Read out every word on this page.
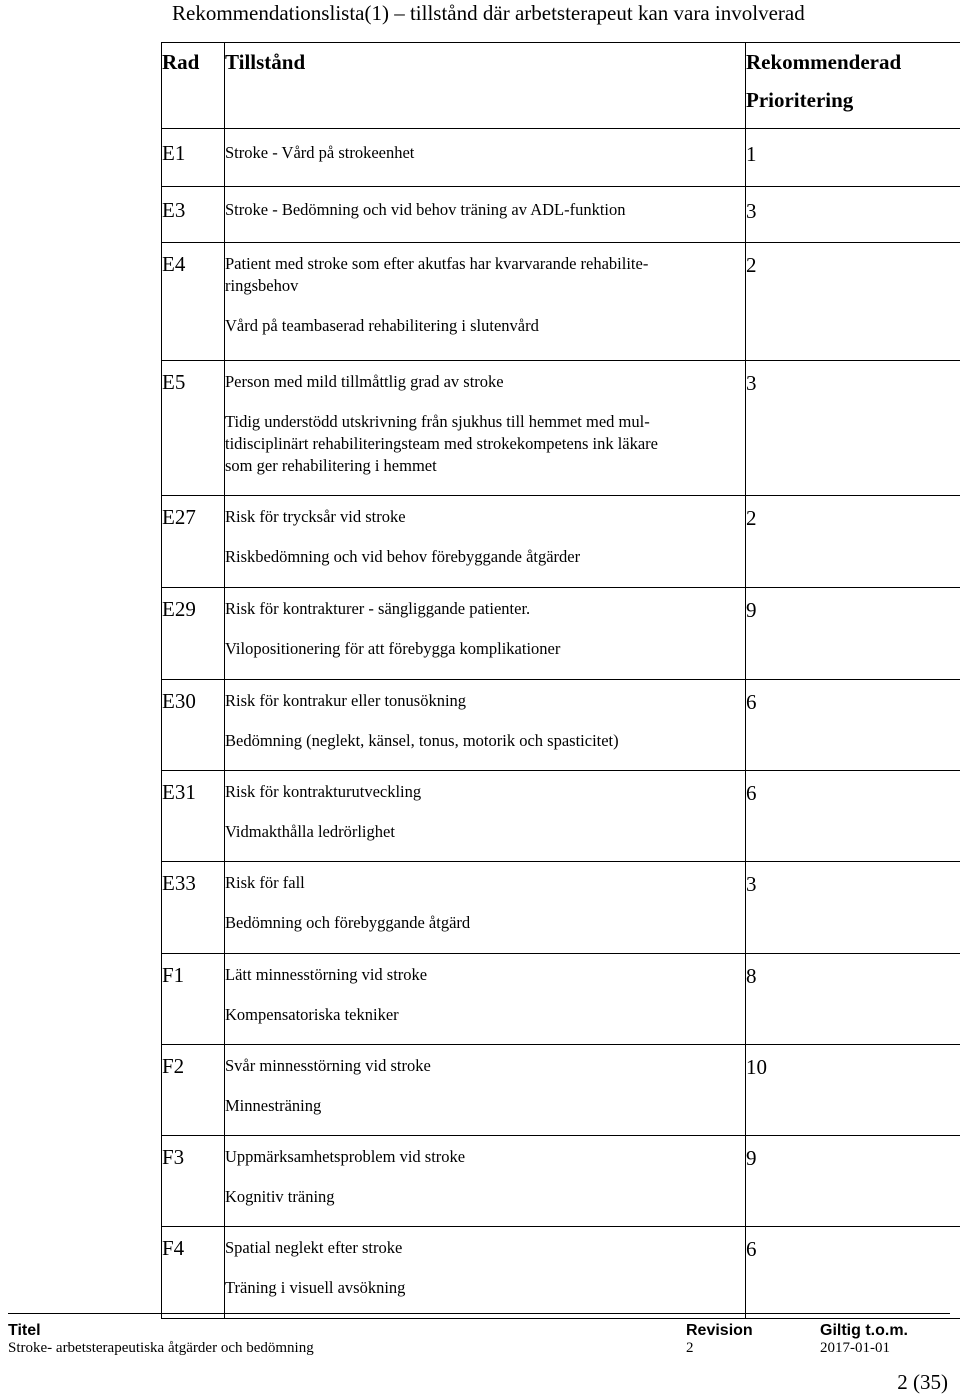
Rekommendationslista(1) – tillstånd där arbetsterapeut kan vara involverad
Rad	Tillstånd	Rekommenderad
Prioritering

E1	Stroke - Vård på strokeenhet	1

E3	Stroke - Bedömning och vid behov träning av ADL-funktion	3

E4	Patient med stroke som efter akutfas har kvarvarande rehabilite-
ringsbehov
Vård på teambaserad rehabilitering i slutenvård	2

E5	Person med mild tillmåttlig grad av stroke
Tidig understödd utskrivning från sjukhus till hemmet med mul-
tidisciplinärt rehabiliteringsteam med strokekompetens ink läkare
som ger rehabilitering i hemmet	3

E27	Risk för trycksår vid stroke
Riskbedömning och vid behov förebyggande åtgärder	2

E29	Risk för kontrakturer - sängliggande patienter.
Vilopositionering för att förebygga komplikationer	9

E30	Risk för kontrakur eller tonusökning
Bedömning (neglekt, känsel, tonus, motorik och spasticitet)	6

E31	Risk för kontrakturutveckling
Vidmakthålla ledrörlighet	6

E33	Risk för fall
Bedömning och förebyggande åtgärd	3

F1	Lätt minnesstörning vid stroke
Kompensatoriska tekniker	8

F2	Svår minnesstörning vid stroke
Minnesträning	10

F3	Uppmärksamhetsproblem vid stroke
Kognitiv träning	9

F4	Spatial neglekt efter stroke
Träning i visuell avsökning	6
Titel
Stroke- arbetsterapeutiska åtgärder och bedömning
Revision
2
Giltig t.o.m.
2017-01-01
2 (35)
